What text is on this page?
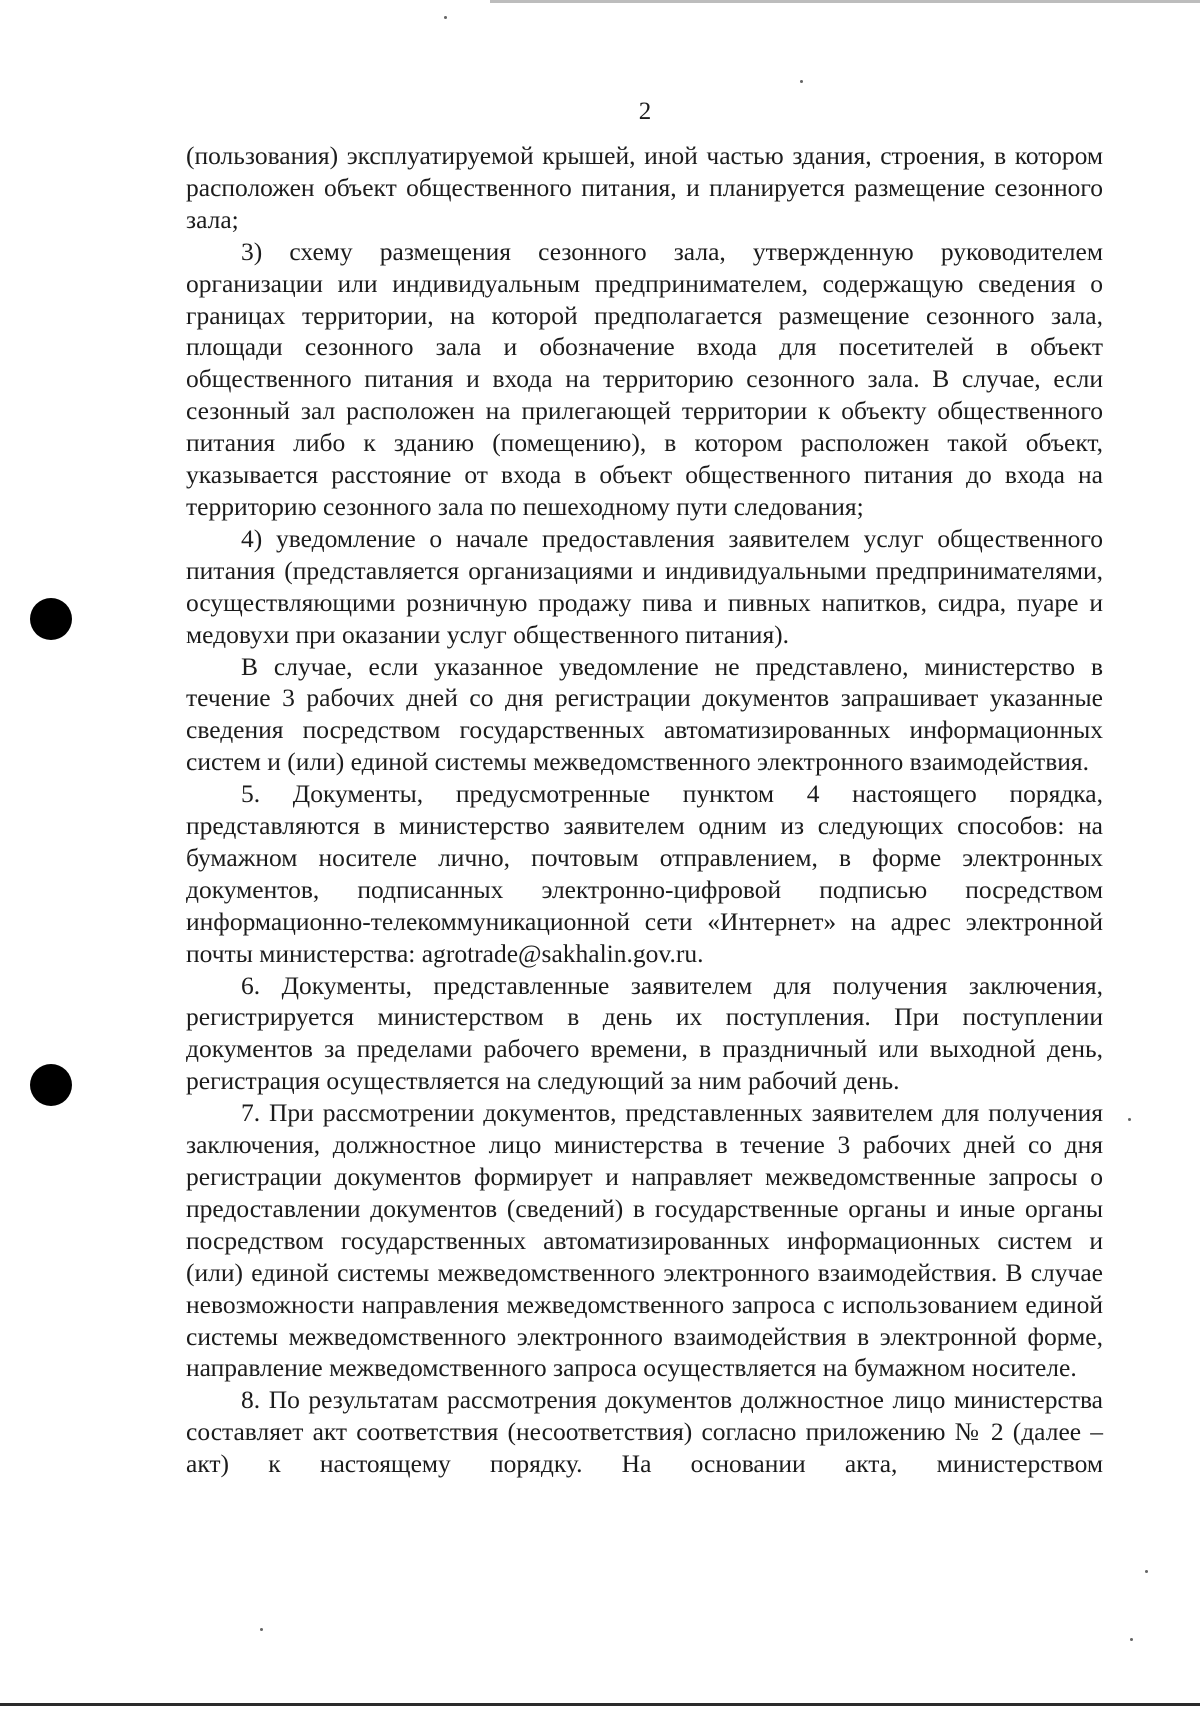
2

(пользования) эксплуатируемой крышей, иной частью здания, строения, в котором расположен объект общественного питания, и планируется размещение сезонного зала;

3) схему размещения сезонного зала, утвержденную руководителем организации или индивидуальным предпринимателем, содержащую сведения о границах территории, на которой предполагается размещение сезонного зала, площади сезонного зала и обозначение входа для посетителей в объект общественного питания и входа на территорию сезонного зала. В случае, если сезонный зал расположен на прилегающей территории к объекту общественного питания либо к зданию (помещению), в котором расположен такой объект, указывается расстояние от входа в объект общественного питания до входа на территорию сезонного зала по пешеходному пути следования;

4) уведомление о начале предоставления заявителем услуг общественного питания (представляется организациями и индивидуальными предпринимателями, осуществляющими розничную продажу пива и пивных напитков, сидра, пуаре и медовухи при оказании услуг общественного питания).

В случае, если указанное уведомление не представлено, министерство в течение 3 рабочих дней со дня регистрации документов запрашивает указанные сведения посредством государственных автоматизированных информационных систем и (или) единой системы межведомственного электронного взаимодействия.

5. Документы, предусмотренные пунктом 4 настоящего порядка, представляются в министерство заявителем одним из следующих способов: на бумажном носителе лично, почтовым отправлением, в форме электронных документов, подписанных электронно-цифровой подписью посредством информационно-телекоммуникационной сети «Интернет» на адрес электронной почты министерства: agrotrade@sakhalin.gov.ru.

6. Документы, представленные заявителем для получения заключения, регистрируется министерством в день их поступления. При поступлении документов за пределами рабочего времени, в праздничный или выходной день, регистрация осуществляется на следующий за ним рабочий день.

7. При рассмотрении документов, представленных заявителем для получения заключения, должностное лицо министерства в течение 3 рабочих дней со дня регистрации документов формирует и направляет межведомственные запросы о предоставлении документов (сведений) в государственные органы и иные органы посредством государственных автоматизированных информационных систем и (или) единой системы межведомственного электронного взаимодействия. В случае невозможности направления межведомственного запроса с использованием единой системы межведомственного электронного взаимодействия в электронной форме, направление межведомственного запроса осуществляется на бумажном носителе.

8. По результатам рассмотрения документов должностное лицо министерства составляет акт соответствия (несоответствия) согласно приложению № 2 (далее – акт) к настоящему порядку. На основании акта, министерством
